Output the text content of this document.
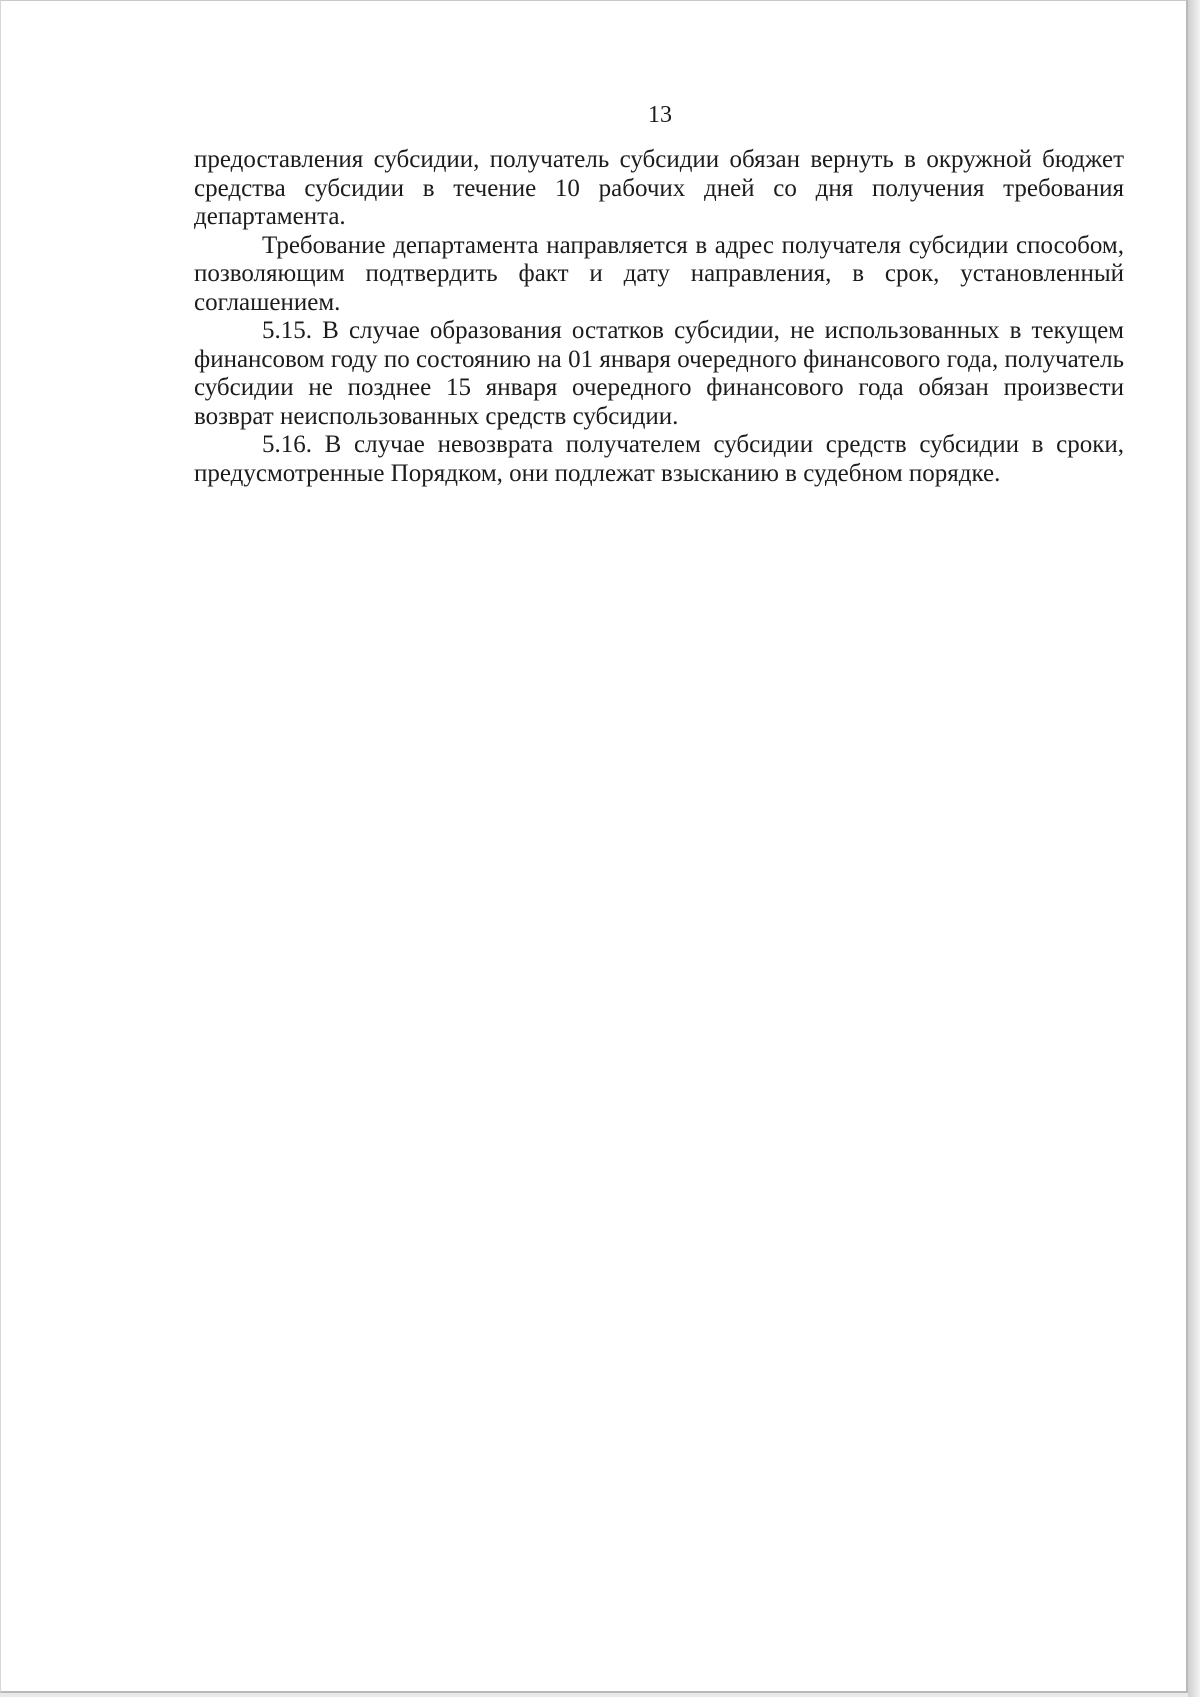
13

предоставления субсидии, получатель субсидии обязан вернуть в окружной бюджет средства субсидии в течение 10 рабочих дней со дня получения требования департамента.

Требование департамента направляется в адрес получателя субсидии способом, позволяющим подтвердить факт и дату направления, в срок, установленный соглашением.

5.15. В случае образования остатков субсидии, не использованных в текущем финансовом году по состоянию на 01 января очередного финансового года, получатель субсидии не позднее 15 января очередного финансового года обязан произвести возврат неиспользованных средств субсидии.

5.16. В случае невозврата получателем субсидии средств субсидии в сроки, предусмотренные Порядком, они подлежат взысканию в судебном порядке.
